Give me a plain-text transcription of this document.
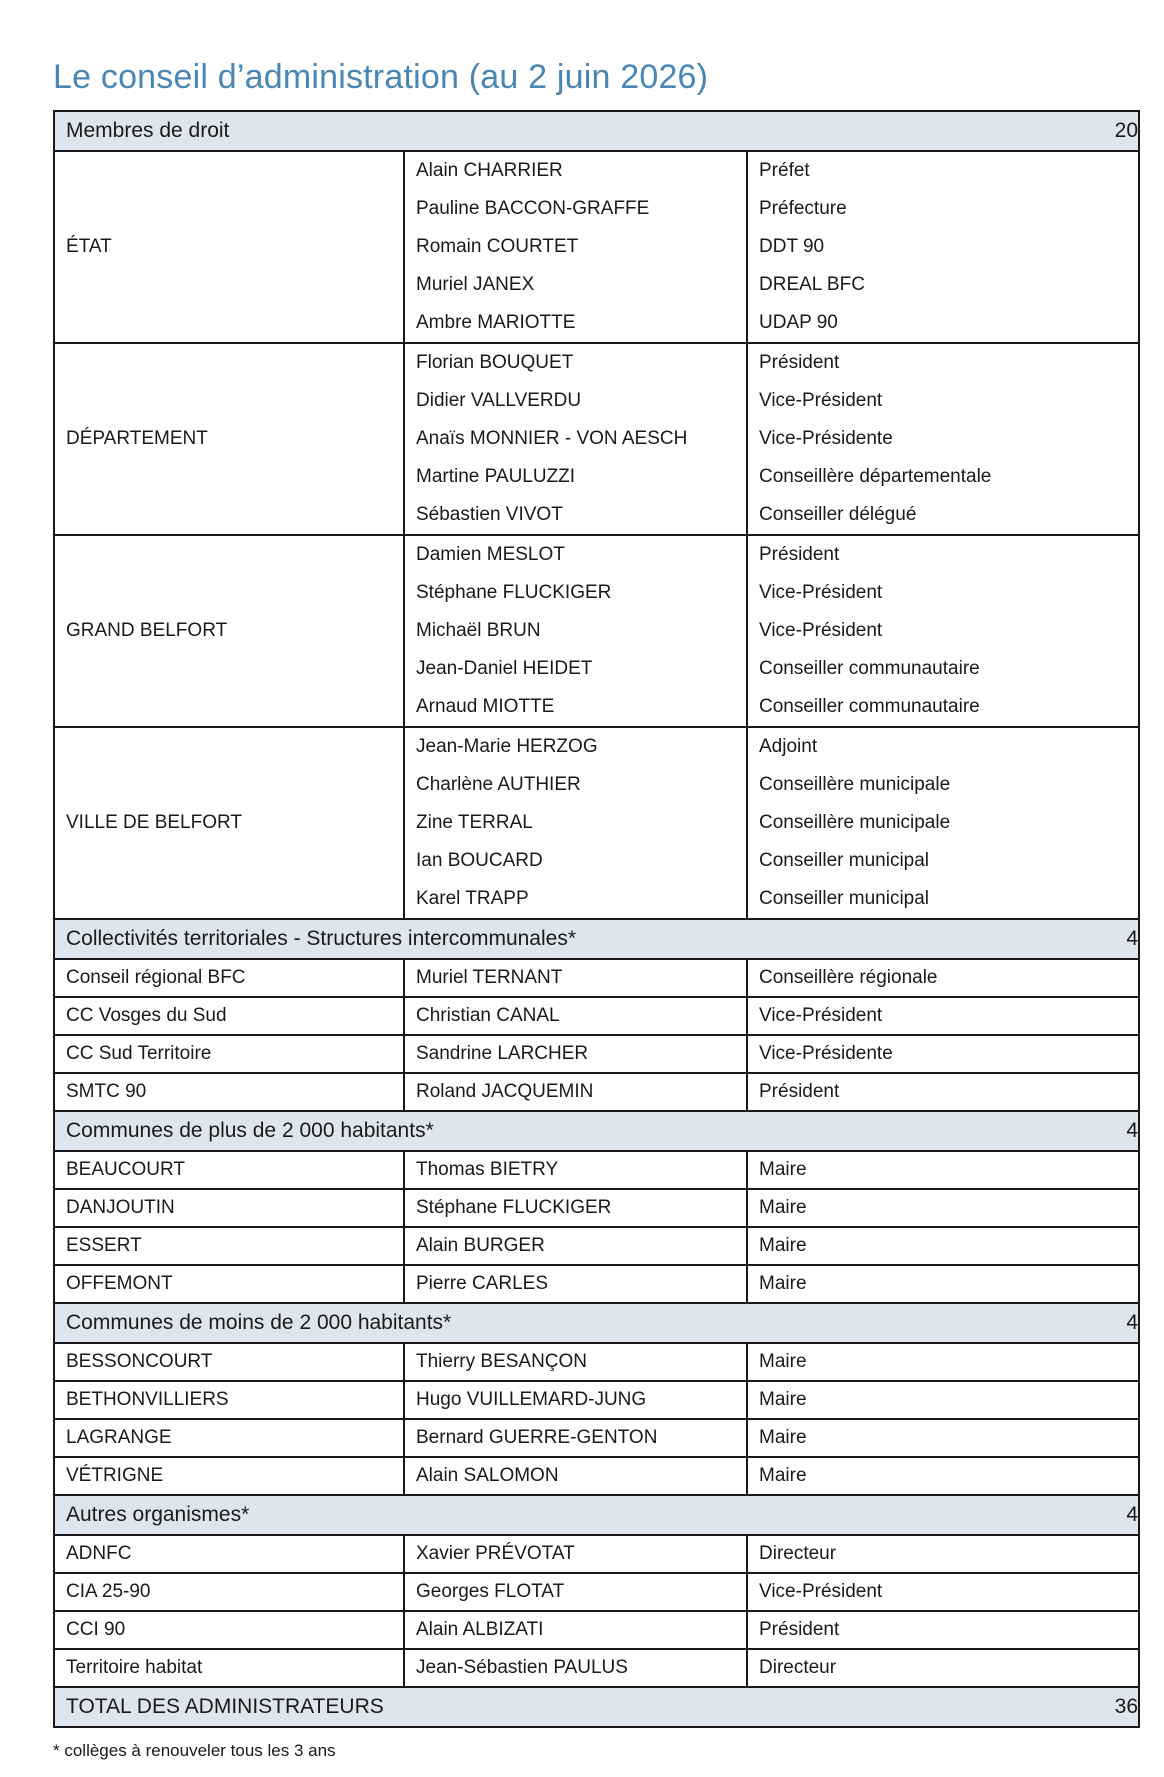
Le conseil d’administration (au 2 juin 2026)
Membres de droit		20
ÉTAT	Alain CHARRIER	Préfet
	Pauline BACCON-GRAFFE	Préfecture
	Romain COURTET	DDT 90
	Muriel JANEX	DREAL BFC
	Ambre MARIOTTE	UDAP 90
DÉPARTEMENT	Florian BOUQUET	Président
	Didier VALLVERDU	Vice-Président
	Anaïs MONNIER - VON AESCH	Vice-Présidente
	Martine PAULUZZI	Conseillère départementale
	Sébastien VIVOT	Conseiller délégué
GRAND BELFORT	Damien MESLOT	Président
	Stéphane FLUCKIGER	Vice-Président
	Michaël BRUN	Vice-Président
	Jean-Daniel HEIDET	Conseiller communautaire
	Arnaud MIOTTE	Conseiller communautaire
VILLE DE BELFORT	Jean-Marie HERZOG	Adjoint
	Charlène AUTHIER	Conseillère municipale
	Zine TERRAL	Conseillère municipale
	Ian BOUCARD	Conseiller municipal
	Karel TRAPP	Conseiller municipal
Collectivités territoriales - Structures intercommunales*		4
Conseil régional BFC	Muriel TERNANT	Conseillère régionale
CC Vosges du Sud	Christian CANAL	Vice-Président
CC Sud Territoire	Sandrine LARCHER	Vice-Présidente
SMTC 90	Roland JACQUEMIN	Président
Communes de plus de 2 000 habitants*		4
BEAUCOURT	Thomas BIETRY	Maire
DANJOUTIN	Stéphane FLUCKIGER	Maire
ESSERT	Alain BURGER	Maire
OFFEMONT	Pierre CARLES	Maire
Communes de moins de 2 000 habitants*		4
BESSONCOURT	Thierry BESANÇON	Maire
BETHONVILLIERS	Hugo VUILLEMARD-JUNG	Maire
LAGRANGE	Bernard GUERRE-GENTON	Maire
VÉTRIGNE	Alain SALOMON	Maire
Autres organismes*		4
ADNFC	Xavier PRÉVOTAT	Directeur
CIA 25-90	Georges FLOTAT	Vice-Président
CCI 90	Alain ALBIZATI	Président
Territoire habitat	Jean-Sébastien PAULUS	Directeur
TOTAL DES ADMINISTRATEURS		36

* collèges à renouveler tous les 3 ans
